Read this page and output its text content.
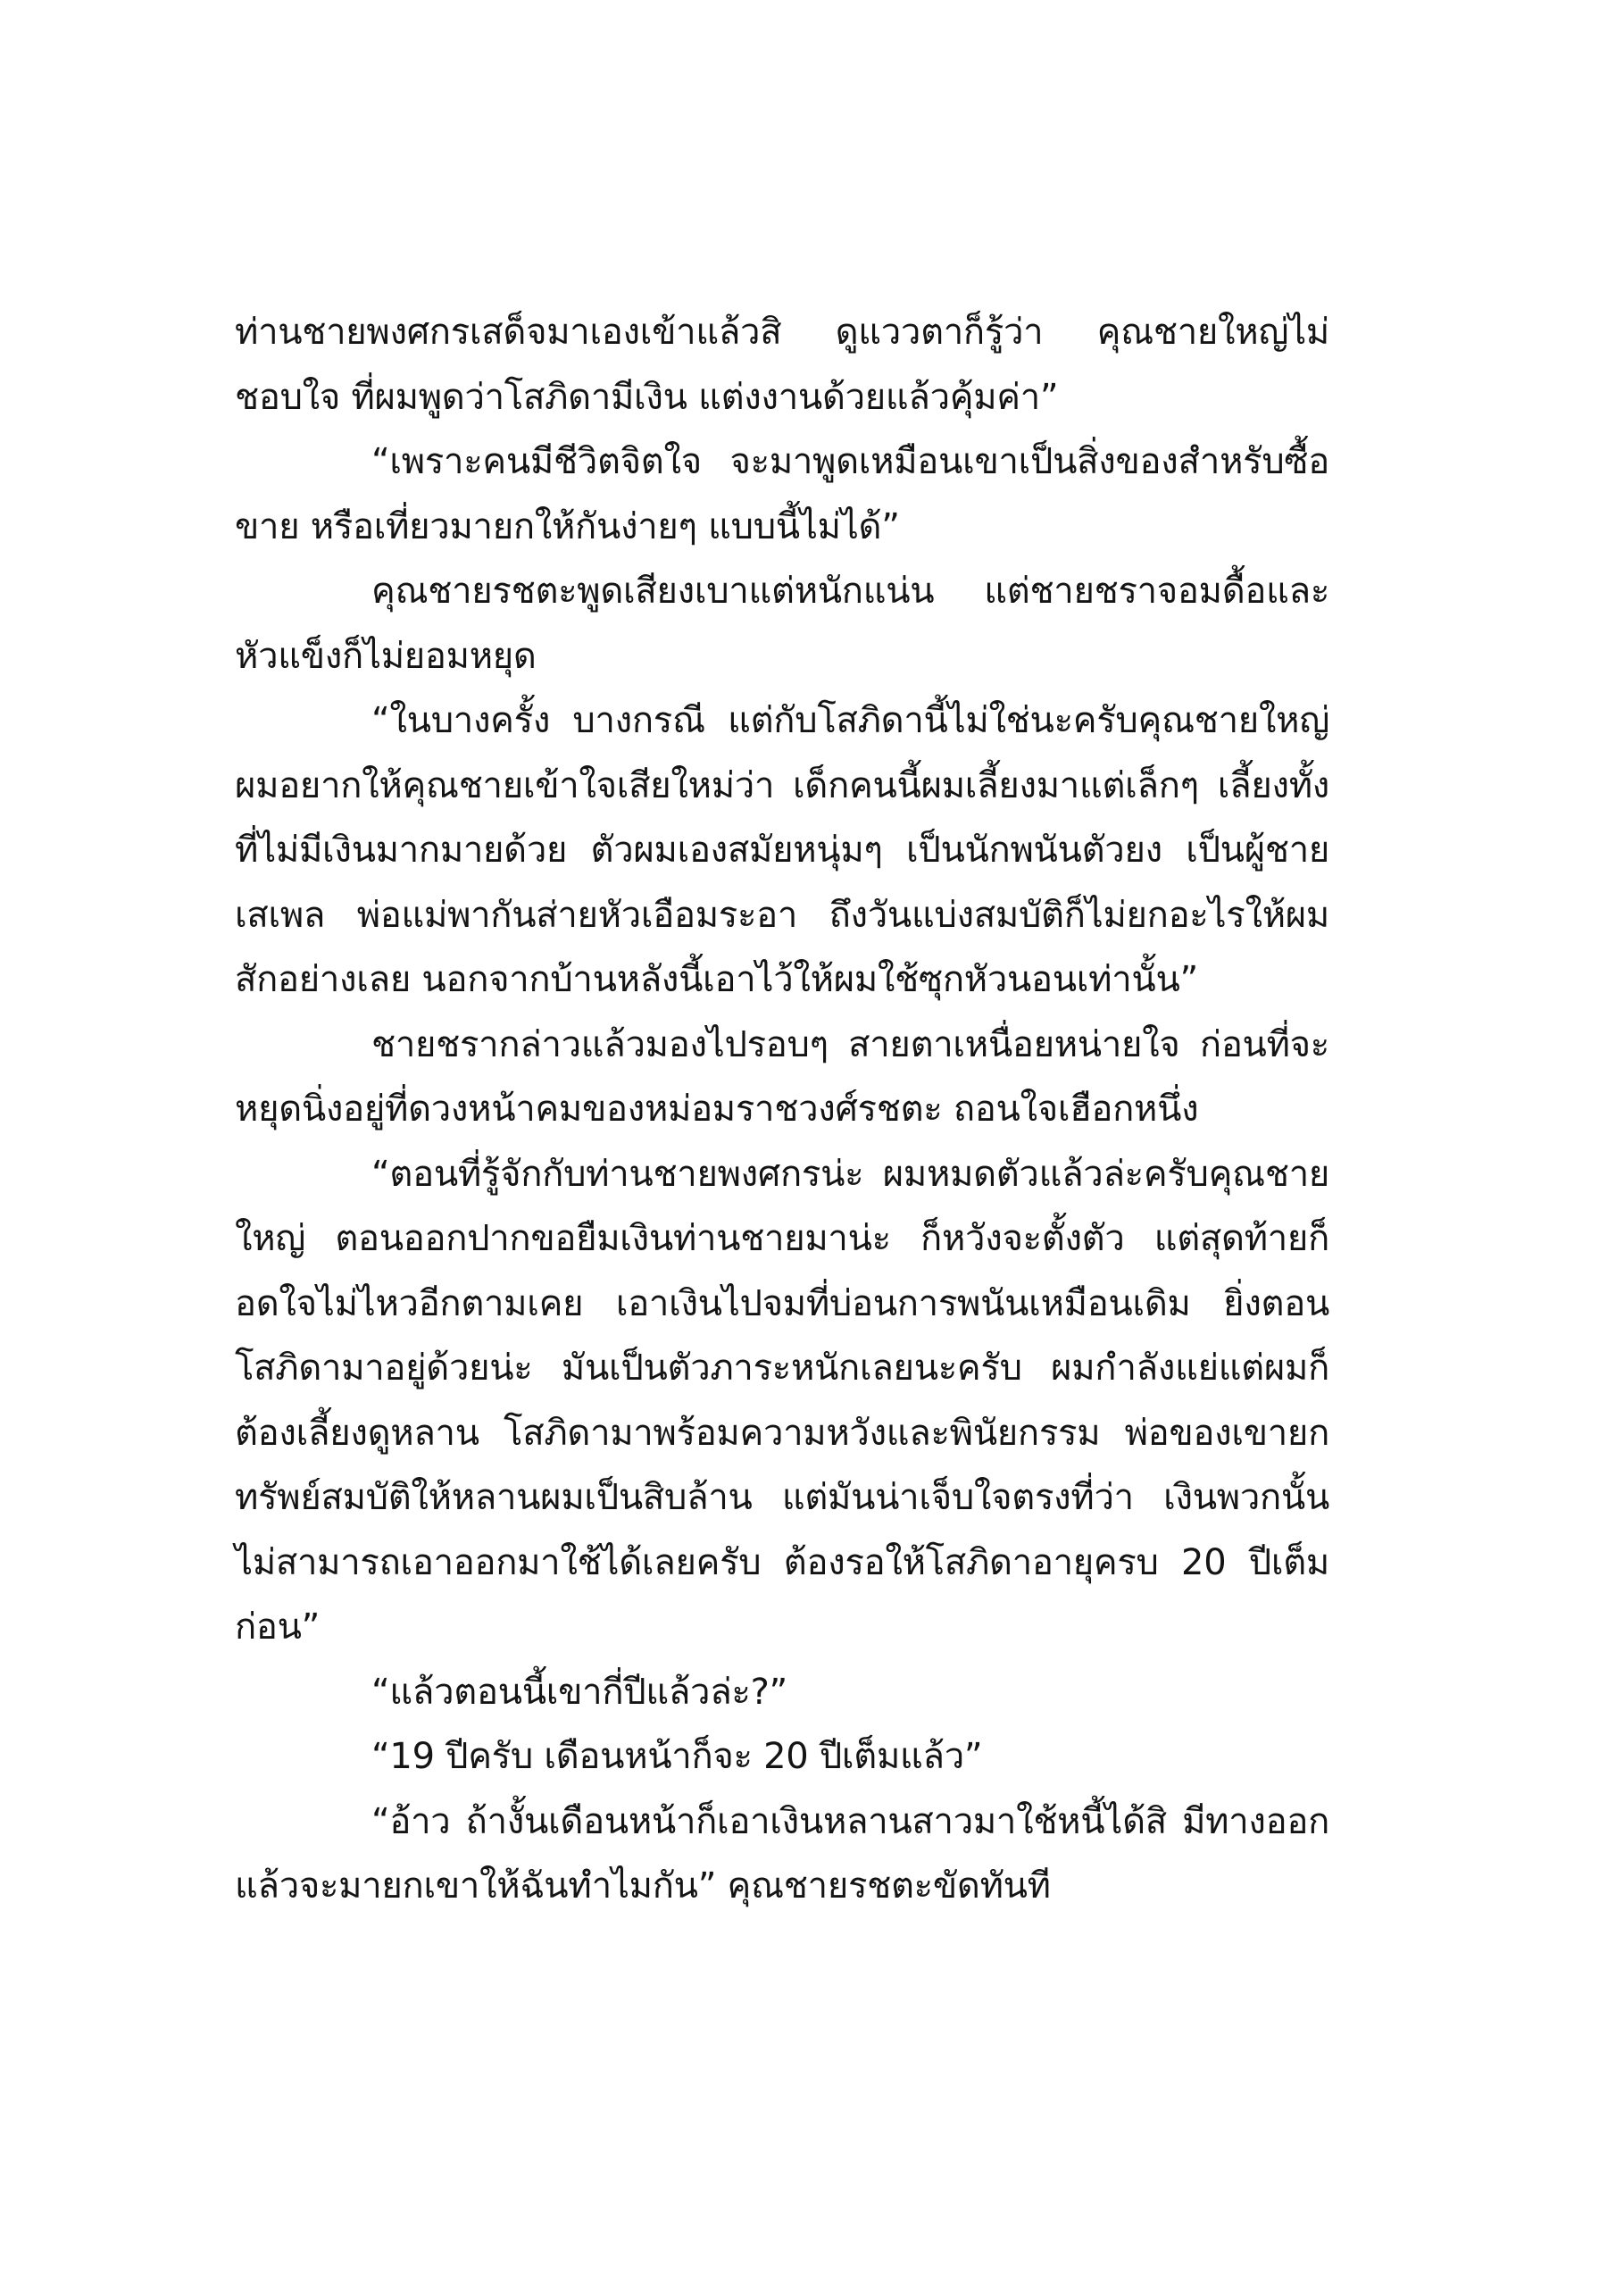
ท่านชายพงศกรเสด็จมาเองเข้าแล้วสิ ดูแววตาก็รู้ว่า คุณชายใหญ่ไม่ชอบใจ ที่ผมพูดว่าโสภิดามีเงิน แต่งงานด้วยแล้วคุ้มค่า”

“เพราะคนมีชีวิตจิตใจ จะมาพูดเหมือนเขาเป็นสิ่งของสำหรับซื้อขาย หรือเที่ยวมายกให้กันง่ายๆ แบบนี้ไม่ได้”

คุณชายรชตะพูดเสียงเบาแต่หนักแน่น แต่ชายชราจอมดื้อและหัวแข็งก็ไม่ยอมหยุด

“ในบางครั้ง บางกรณี แต่กับโสภิดานี้ไม่ใช่นะครับคุณชายใหญ่ ผมอยากให้คุณชายเข้าใจเสียใหม่ว่า เด็กคนนี้ผมเลี้ยงมาแต่เล็กๆ เลี้ยงทั้งที่ไม่มีเงินมากมายด้วย ตัวผมเองสมัยหนุ่มๆ เป็นนักพนันตัวยง เป็นผู้ชายเสเพล พ่อแม่พากันส่ายหัวเอือมระอา ถึงวันแบ่งสมบัติก็ไม่ยกอะไรให้ผมสักอย่างเลย นอกจากบ้านหลังนี้เอาไว้ให้ผมใช้ซุกหัวนอนเท่านั้น”

ชายชรากล่าวแล้วมองไปรอบๆ สายตาเหนื่อยหน่ายใจ ก่อนที่จะหยุดนิ่งอยู่ที่ดวงหน้าคมของหม่อมราชวงศ์รชตะ ถอนใจเฮือกหนึ่ง

“ตอนที่รู้จักกับท่านชายพงศกรน่ะ ผมหมดตัวแล้วล่ะครับคุณชายใหญ่ ตอนออกปากขอยืมเงินท่านชายมาน่ะ ก็หวังจะตั้งตัว แต่สุดท้ายก็อดใจไม่ไหวอีกตามเคย เอาเงินไปจมที่บ่อนการพนันเหมือนเดิม ยิ่งตอนโสภิดามาอยู่ด้วยน่ะ มันเป็นตัวภาระหนักเลยนะครับ ผมกำลังแย่แต่ผมก็ต้องเลี้ยงดูหลาน โสภิดามาพร้อมความหวังและพินัยกรรม พ่อของเขายกทรัพย์สมบัติให้หลานผมเป็นสิบล้าน แต่มันน่าเจ็บใจตรงที่ว่า เงินพวกนั้นไม่สามารถเอาออกมาใช้ได้เลยครับ ต้องรอให้โสภิดาอายุครบ 20 ปีเต็มก่อน”

“แล้วตอนนี้เขากี่ปีแล้วล่ะ?”

“19 ปีครับ เดือนหน้าก็จะ 20 ปีเต็มแล้ว”

“อ้าว ถ้างั้นเดือนหน้าก็เอาเงินหลานสาวมาใช้หนี้ได้สิ มีทางออกแล้วจะมายกเขาให้ฉันทำไมกัน” คุณชายรชตะขัดทันที
